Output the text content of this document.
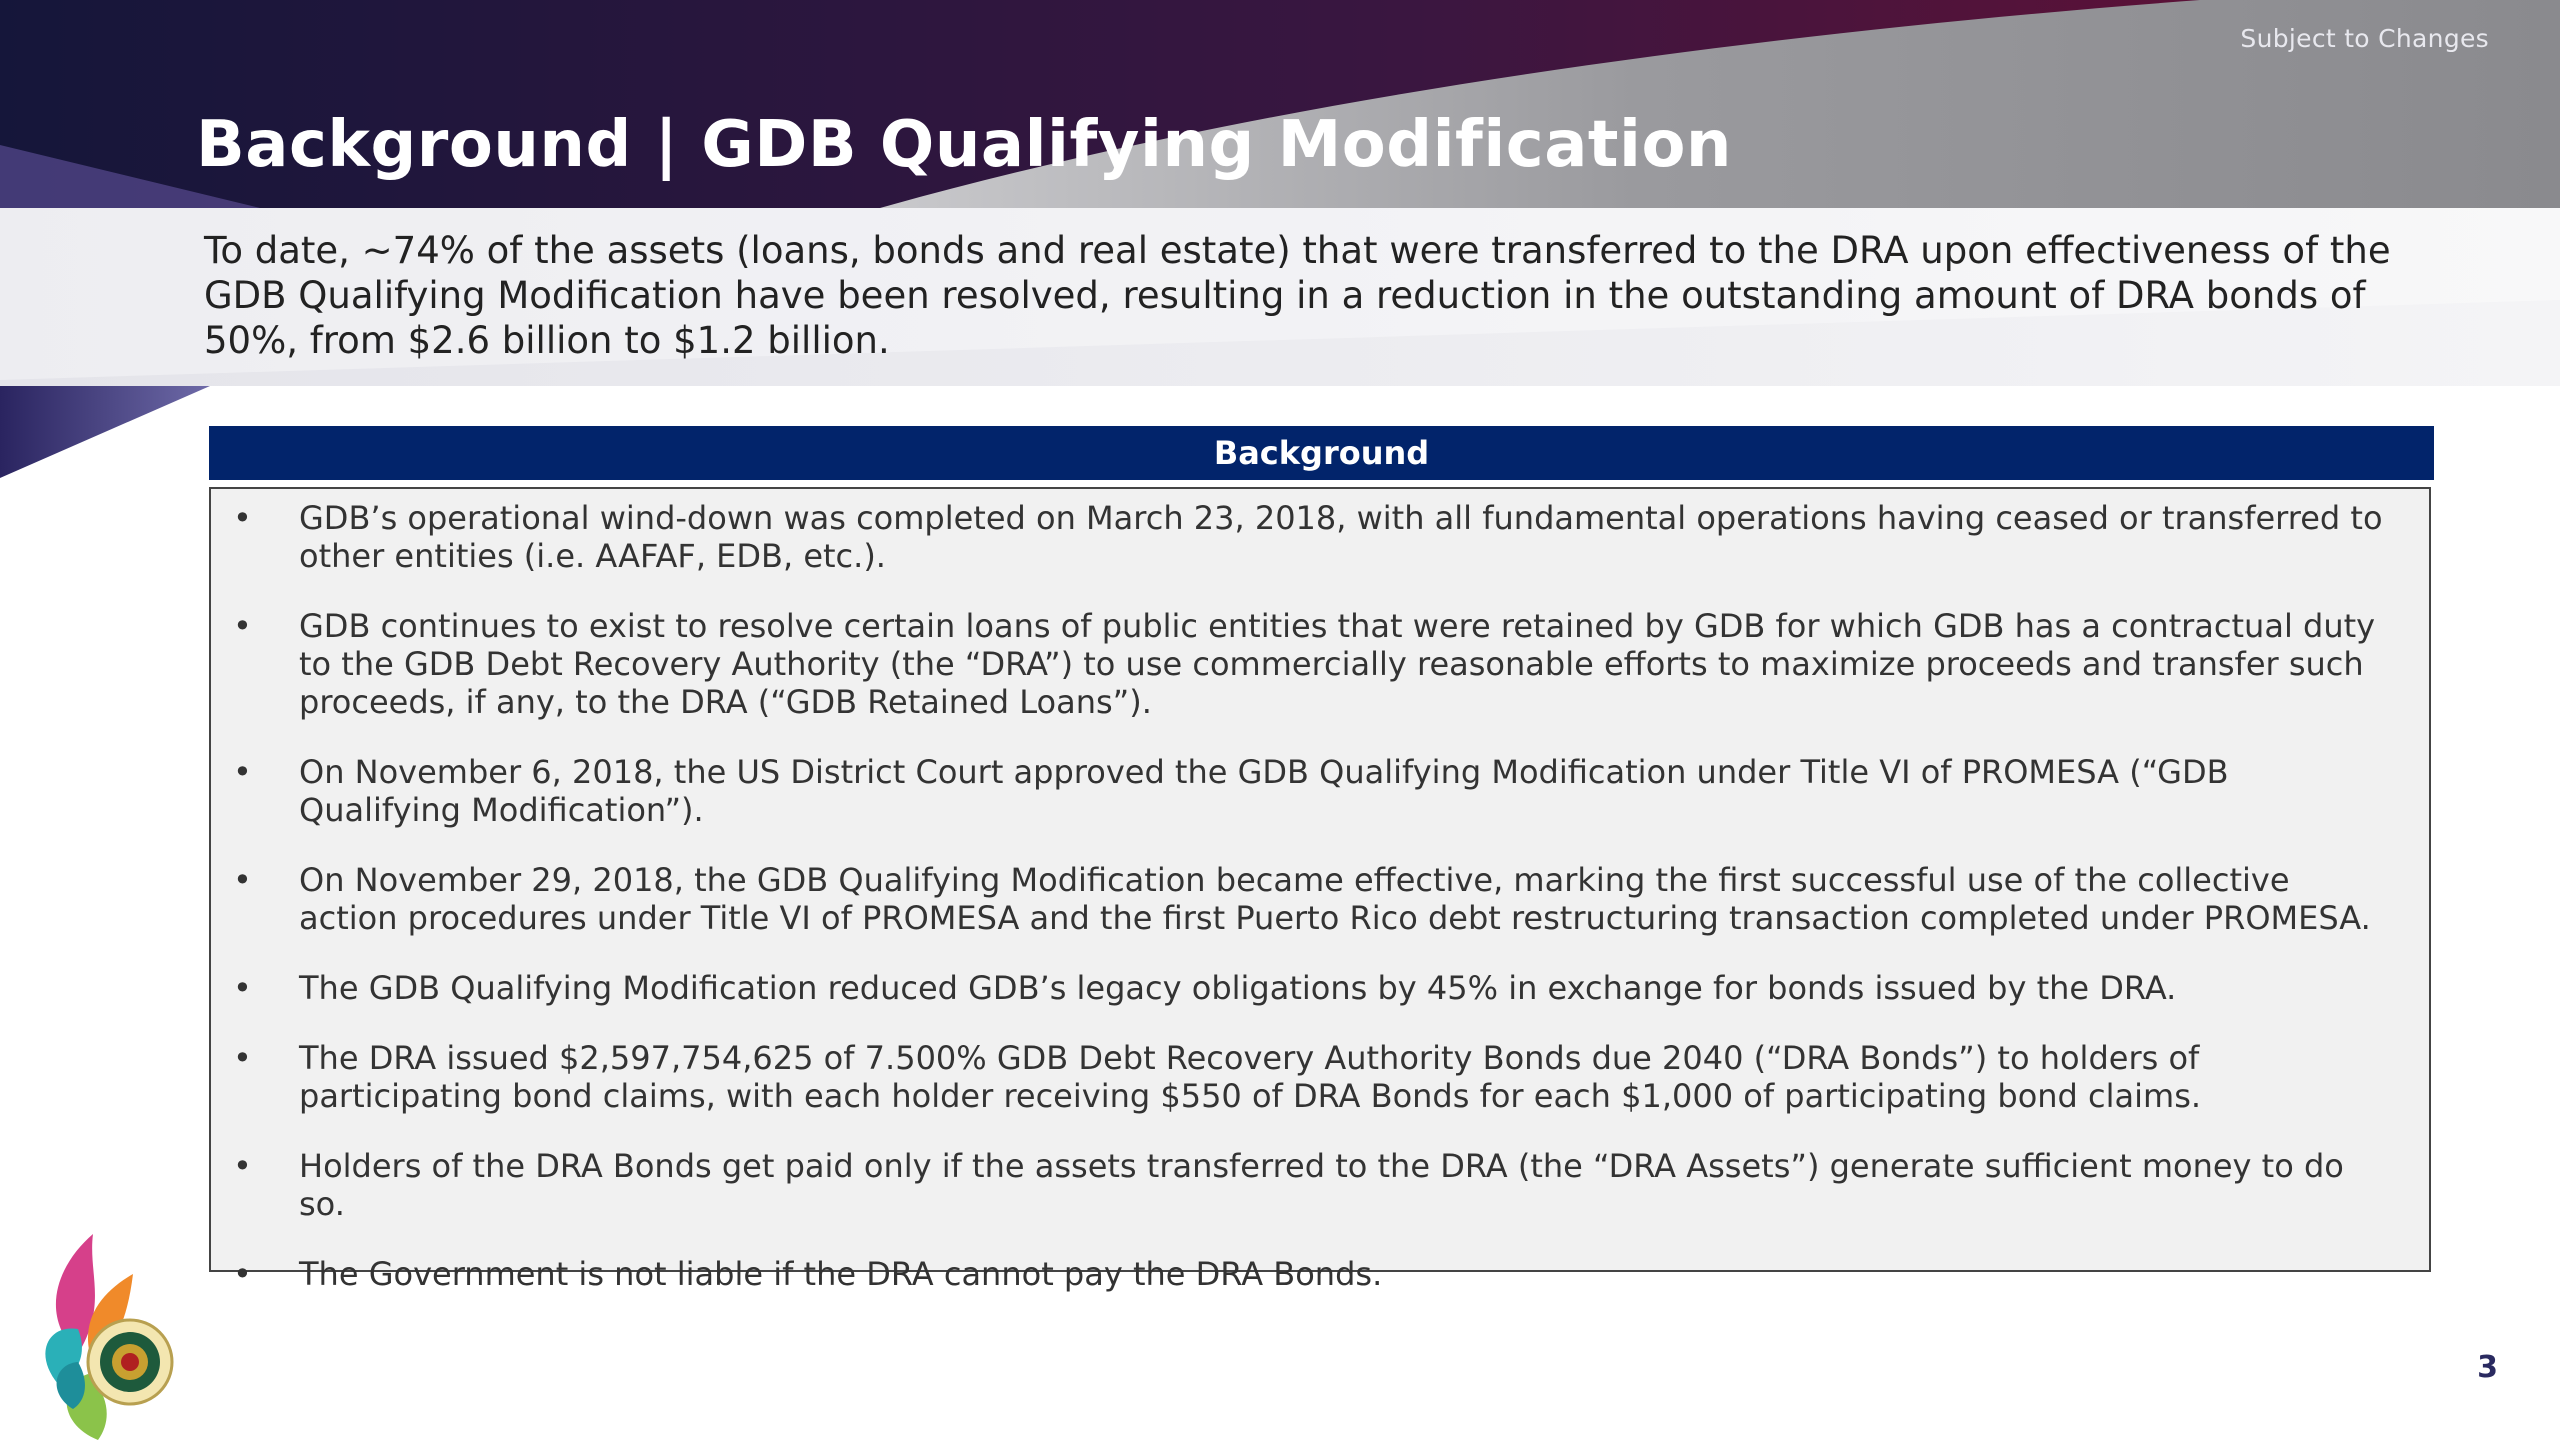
Subject to Changes
Background | GDB Qualifying Modification

To date, ~74% of the assets (loans, bonds and real estate) that were transferred to the DRA upon effectiveness of the GDB Qualifying Modification have been resolved, resulting in a reduction in the outstanding amount of DRA bonds of 50%, from $2.6 billion to $1.2 billion.

Background
• GDB’s operational wind-down was completed on March 23, 2018, with all fundamental operations having ceased or transferred to other entities (i.e. AAFAF, EDB, etc.).
• GDB continues to exist to resolve certain loans of public entities that were retained by GDB for which GDB has a contractual duty to the GDB Debt Recovery Authority (the “DRA”) to use commercially reasonable efforts to maximize proceeds and transfer such proceeds, if any, to the DRA (“GDB Retained Loans”).
• On November 6, 2018, the US District Court approved the GDB Qualifying Modification under Title VI of PROMESA (“GDB Qualifying Modification”).
• On November 29, 2018, the GDB Qualifying Modification became effective, marking the first successful use of the collective action procedures under Title VI of PROMESA and the first Puerto Rico debt restructuring transaction completed under PROMESA.
• The GDB Qualifying Modification reduced GDB’s legacy obligations by 45% in exchange for bonds issued by the DRA.
• The DRA issued $2,597,754,625 of 7.500% GDB Debt Recovery Authority Bonds due 2040 (“DRA Bonds”) to holders of participating bond claims, with each holder receiving $550 of DRA Bonds for each $1,000 of participating bond claims.
• Holders of the DRA Bonds get paid only if the assets transferred to the DRA (the “DRA Assets”) generate sufficient money to do so.
• The Government is not liable if the DRA cannot pay the DRA Bonds.
3
